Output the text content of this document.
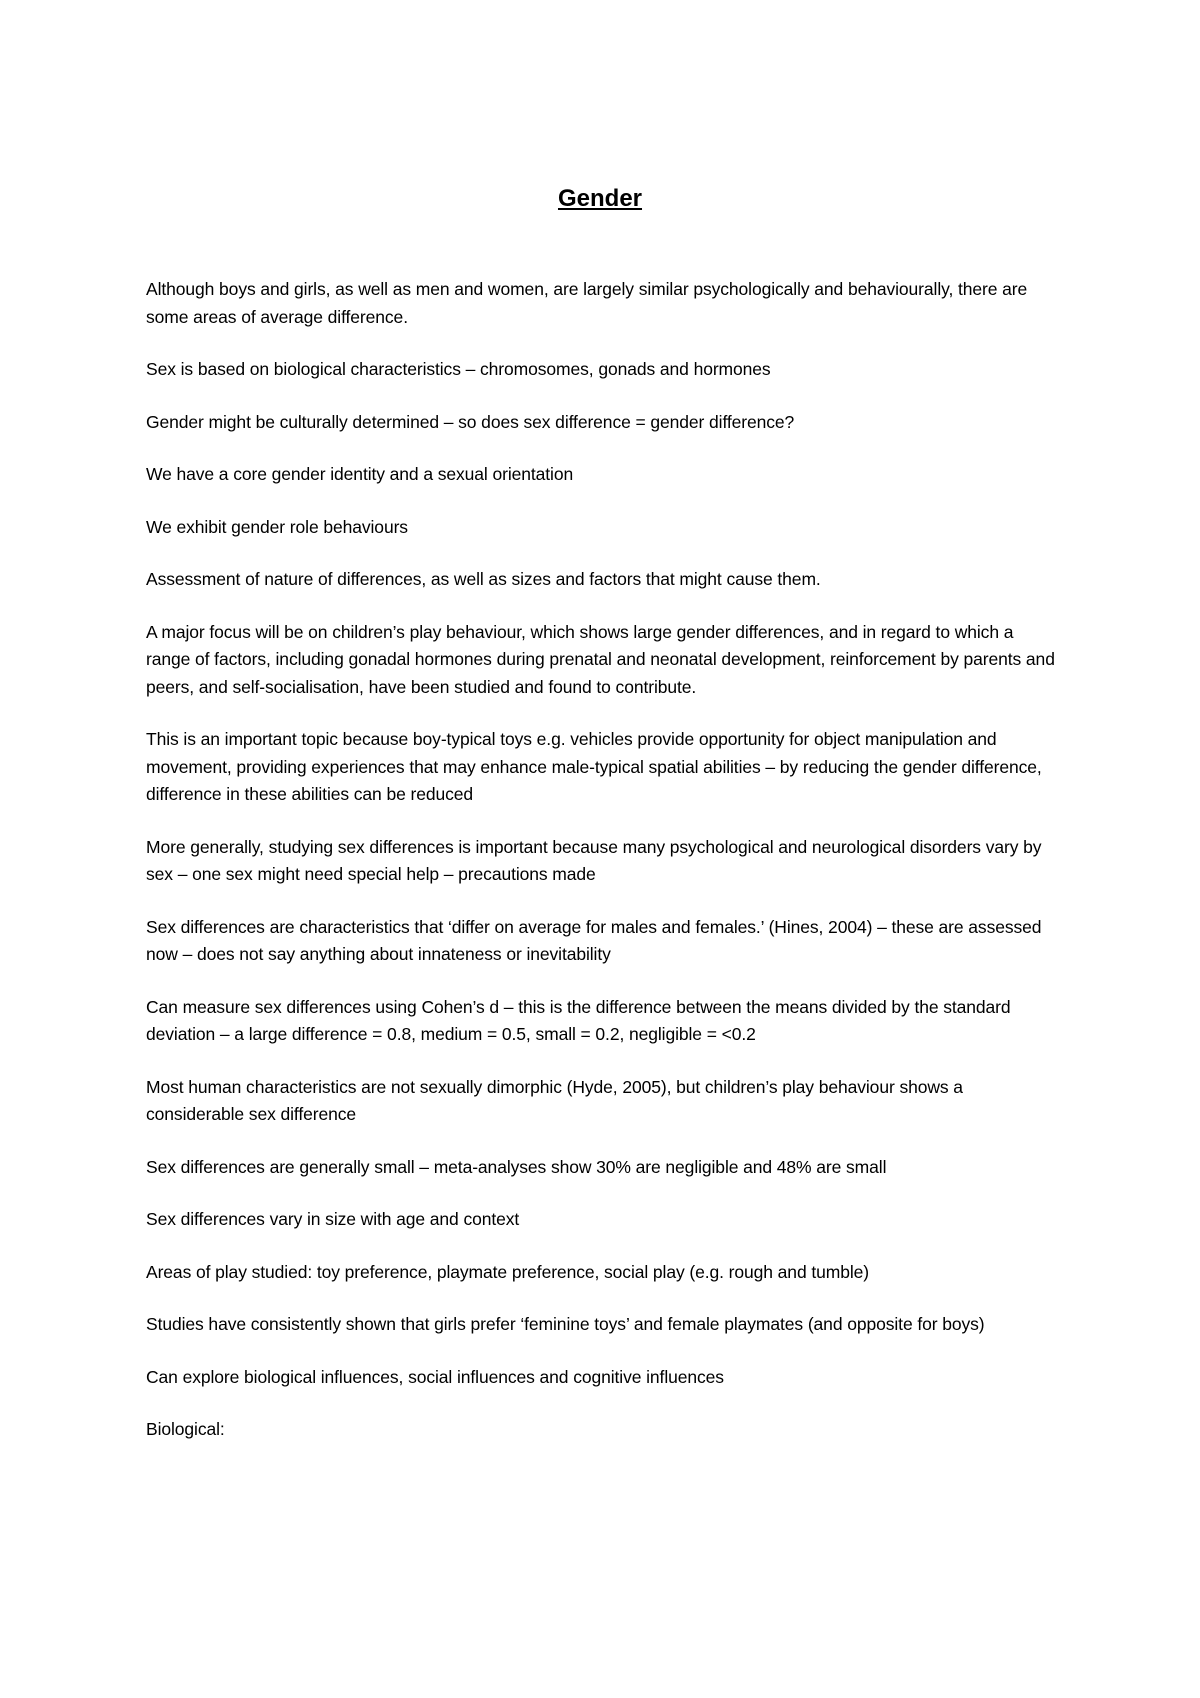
Gender

Although boys and girls, as well as men and women, are largely similar psychologically and behaviourally, there are some areas of average difference.

Sex is based on biological characteristics – chromosomes, gonads and hormones

Gender might be culturally determined – so does sex difference = gender difference?

We have a core gender identity and a sexual orientation

We exhibit gender role behaviours

Assessment of nature of differences, as well as sizes and factors that might cause them.

A major focus will be on children’s play behaviour, which shows large gender differences, and in regard to which a range of factors, including gonadal hormones during prenatal and neonatal development, reinforcement by parents and peers, and self-socialisation, have been studied and found to contribute.

This is an important topic because boy-typical toys e.g. vehicles provide opportunity for object manipulation and movement, providing experiences that may enhance male-typical spatial abilities – by reducing the gender difference, difference in these abilities can be reduced

More generally, studying sex differences is important because many psychological and neurological disorders vary by sex – one sex might need special help – precautions made

Sex differences are characteristics that ‘differ on average for males and females.’ (Hines, 2004) – these are assessed now – does not say anything about innateness or inevitability

Can measure sex differences using Cohen’s d – this is the difference between the means divided by the standard deviation – a large difference = 0.8, medium = 0.5, small = 0.2, negligible = <0.2

Most human characteristics are not sexually dimorphic (Hyde, 2005), but children’s play behaviour shows a considerable sex difference

Sex differences are generally small – meta-analyses show 30% are negligible and 48% are small

Sex differences vary in size with age and context

Areas of play studied: toy preference, playmate preference, social play (e.g. rough and tumble)

Studies have consistently shown that girls prefer ‘feminine toys’ and female playmates (and opposite for boys)

Can explore biological influences, social influences and cognitive influences

Biological:
